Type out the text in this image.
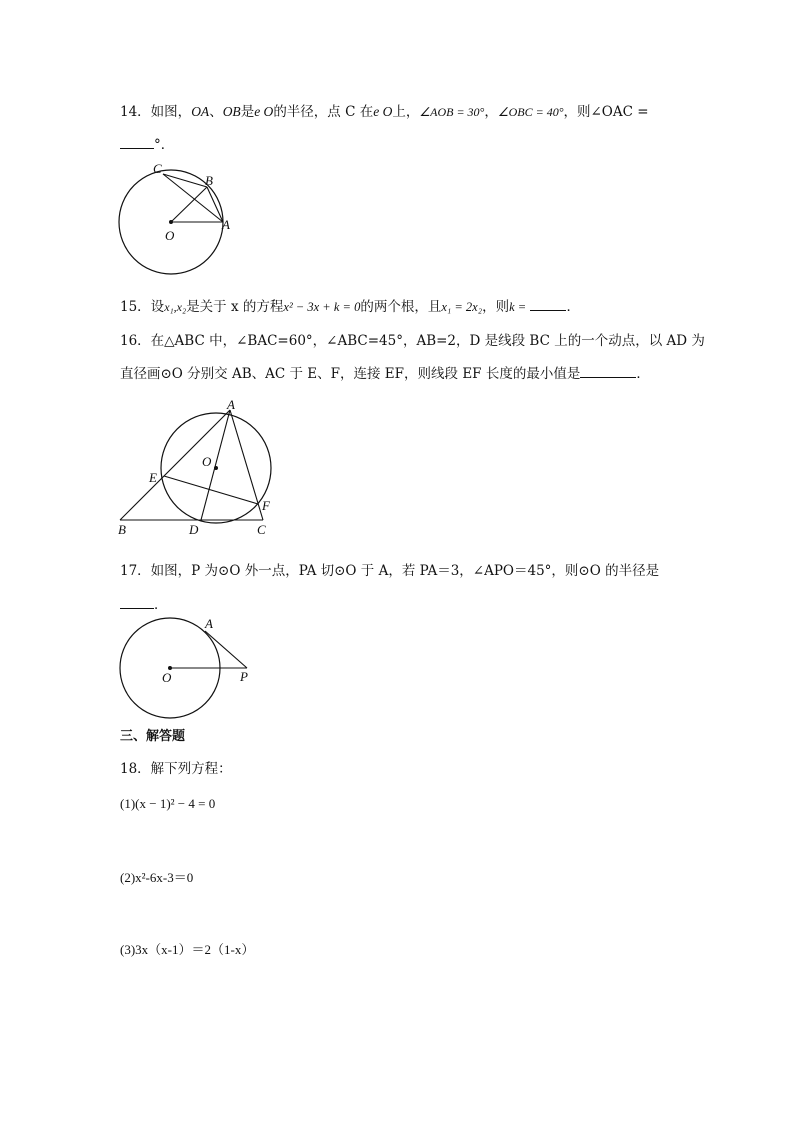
14．如图，OA、OB是e O的半径，点 C 在e O上，∠AOB = 30°，∠OBC = 40°，则∠OAC =
°．
C
B
A
O
15．设x₁,x₂是关于 x 的方程x² − 3x + k = 0的两个根，且x₁ = 2x₂，则k =	．
16．在△ABC 中，∠BAC=60°，∠ABC=45°，AB=2，D 是线段 BC 上的一个动点，以 AD 为
直径画⊙O 分别交 AB、AC 于 E、F，连接 EF，则线段 EF 长度的最小值是	．
A
O
E
F
B	D	C
17．如图，P 为⊙O 外一点，PA 切⊙O 于 A，若 PA＝3，∠APO＝45°，则⊙O 的半径是
．
A
O	P
三、解答题
18．解下列方程：
(1)(x − 1)² − 4 = 0
(2)x²-6x-3＝0
(3)3x（x-1）＝2（1-x）
